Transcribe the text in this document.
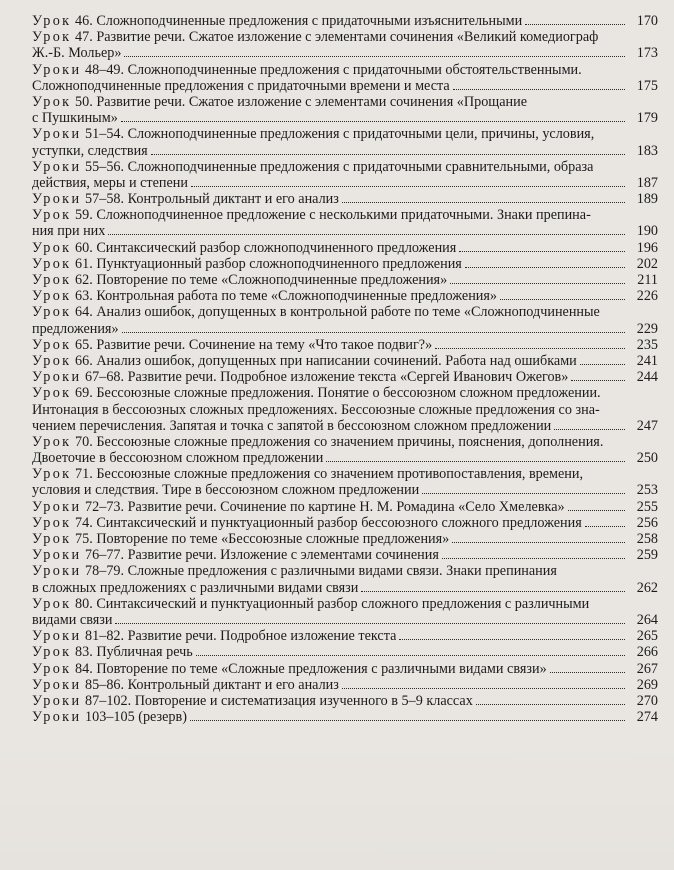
Урок 46. Сложноподчиненные предложения с придаточными изъяснительными	170
Урок 47. Развитие речи. Сжатое изложение с элементами сочинения «Великий комедиограф
Ж.-Б. Мольер»	173
Уроки 48–49. Сложноподчиненные предложения с придаточными обстоятельственными.
Сложноподчиненные предложения с придаточными времени и места	175
Урок 50. Развитие речи. Сжатое изложение с элементами сочинения «Прощание
с Пушкиным»	179
Уроки 51–54. Сложноподчиненные предложения с придаточными цели, причины, условия,
уступки, следствия	183
Уроки 55–56. Сложноподчиненные предложения с придаточными сравнительными, образа
действия, меры и степени	187
Уроки 57–58. Контрольный диктант и его анализ	189
Урок 59. Сложноподчиненное предложение с несколькими придаточными. Знаки препина-
ния при них	190
Урок 60. Синтаксический разбор сложноподчиненного предложения	196
Урок 61. Пунктуационный разбор сложноподчиненного предложения	202
Урок 62. Повторение по теме «Сложноподчиненные предложения»	211
Урок 63. Контрольная работа по теме «Сложноподчиненные предложения»	226
Урок 64. Анализ ошибок, допущенных в контрольной работе по теме «Сложноподчиненные
предложения»	229
Урок 65. Развитие речи. Сочинение на тему «Что такое подвиг?»	235
Урок 66. Анализ ошибок, допущенных при написании сочинений. Работа над ошибками	241
Уроки 67–68. Развитие речи. Подробное изложение текста «Сергей Иванович Ожегов»	244
Урок 69. Бессоюзные сложные предложения. Понятие о бессоюзном сложном предложении.
Интонация в бессоюзных сложных предложениях. Бессоюзные сложные предложения со зна-
чением перечисления. Запятая и точка с запятой в бессоюзном сложном предложении	247
Урок 70. Бессоюзные сложные предложения со значением причины, пояснения, дополнения.
Двоеточие в бессоюзном сложном предложении	250
Урок 71. Бессоюзные сложные предложения со значением противопоставления, времени,
условия и следствия. Тире в бессоюзном сложном предложении	253
Уроки 72–73. Развитие речи. Сочинение по картине Н. М. Ромадина «Село Хмелевка»	255
Урок 74. Синтаксический и пунктуационный разбор бессоюзного сложного предложения	256
Урок 75. Повторение по теме «Бессоюзные сложные предложения»	258
Уроки 76–77. Развитие речи. Изложение с элементами сочинения	259
Уроки 78–79. Сложные предложения с различными видами связи. Знаки препинания
в сложных предложениях с различными видами связи	262
Урок 80. Синтаксический и пунктуационный разбор сложного предложения с различными
видами связи	264
Уроки 81–82. Развитие речи. Подробное изложение текста	265
Урок 83. Публичная речь	266
Урок 84. Повторение по теме «Сложные предложения с различными видами связи»	267
Уроки 85–86. Контрольный диктант и его анализ	269
Уроки 87–102. Повторение и систематизация изученного в 5–9 классах	270
Уроки 103–105 (резерв)	274
